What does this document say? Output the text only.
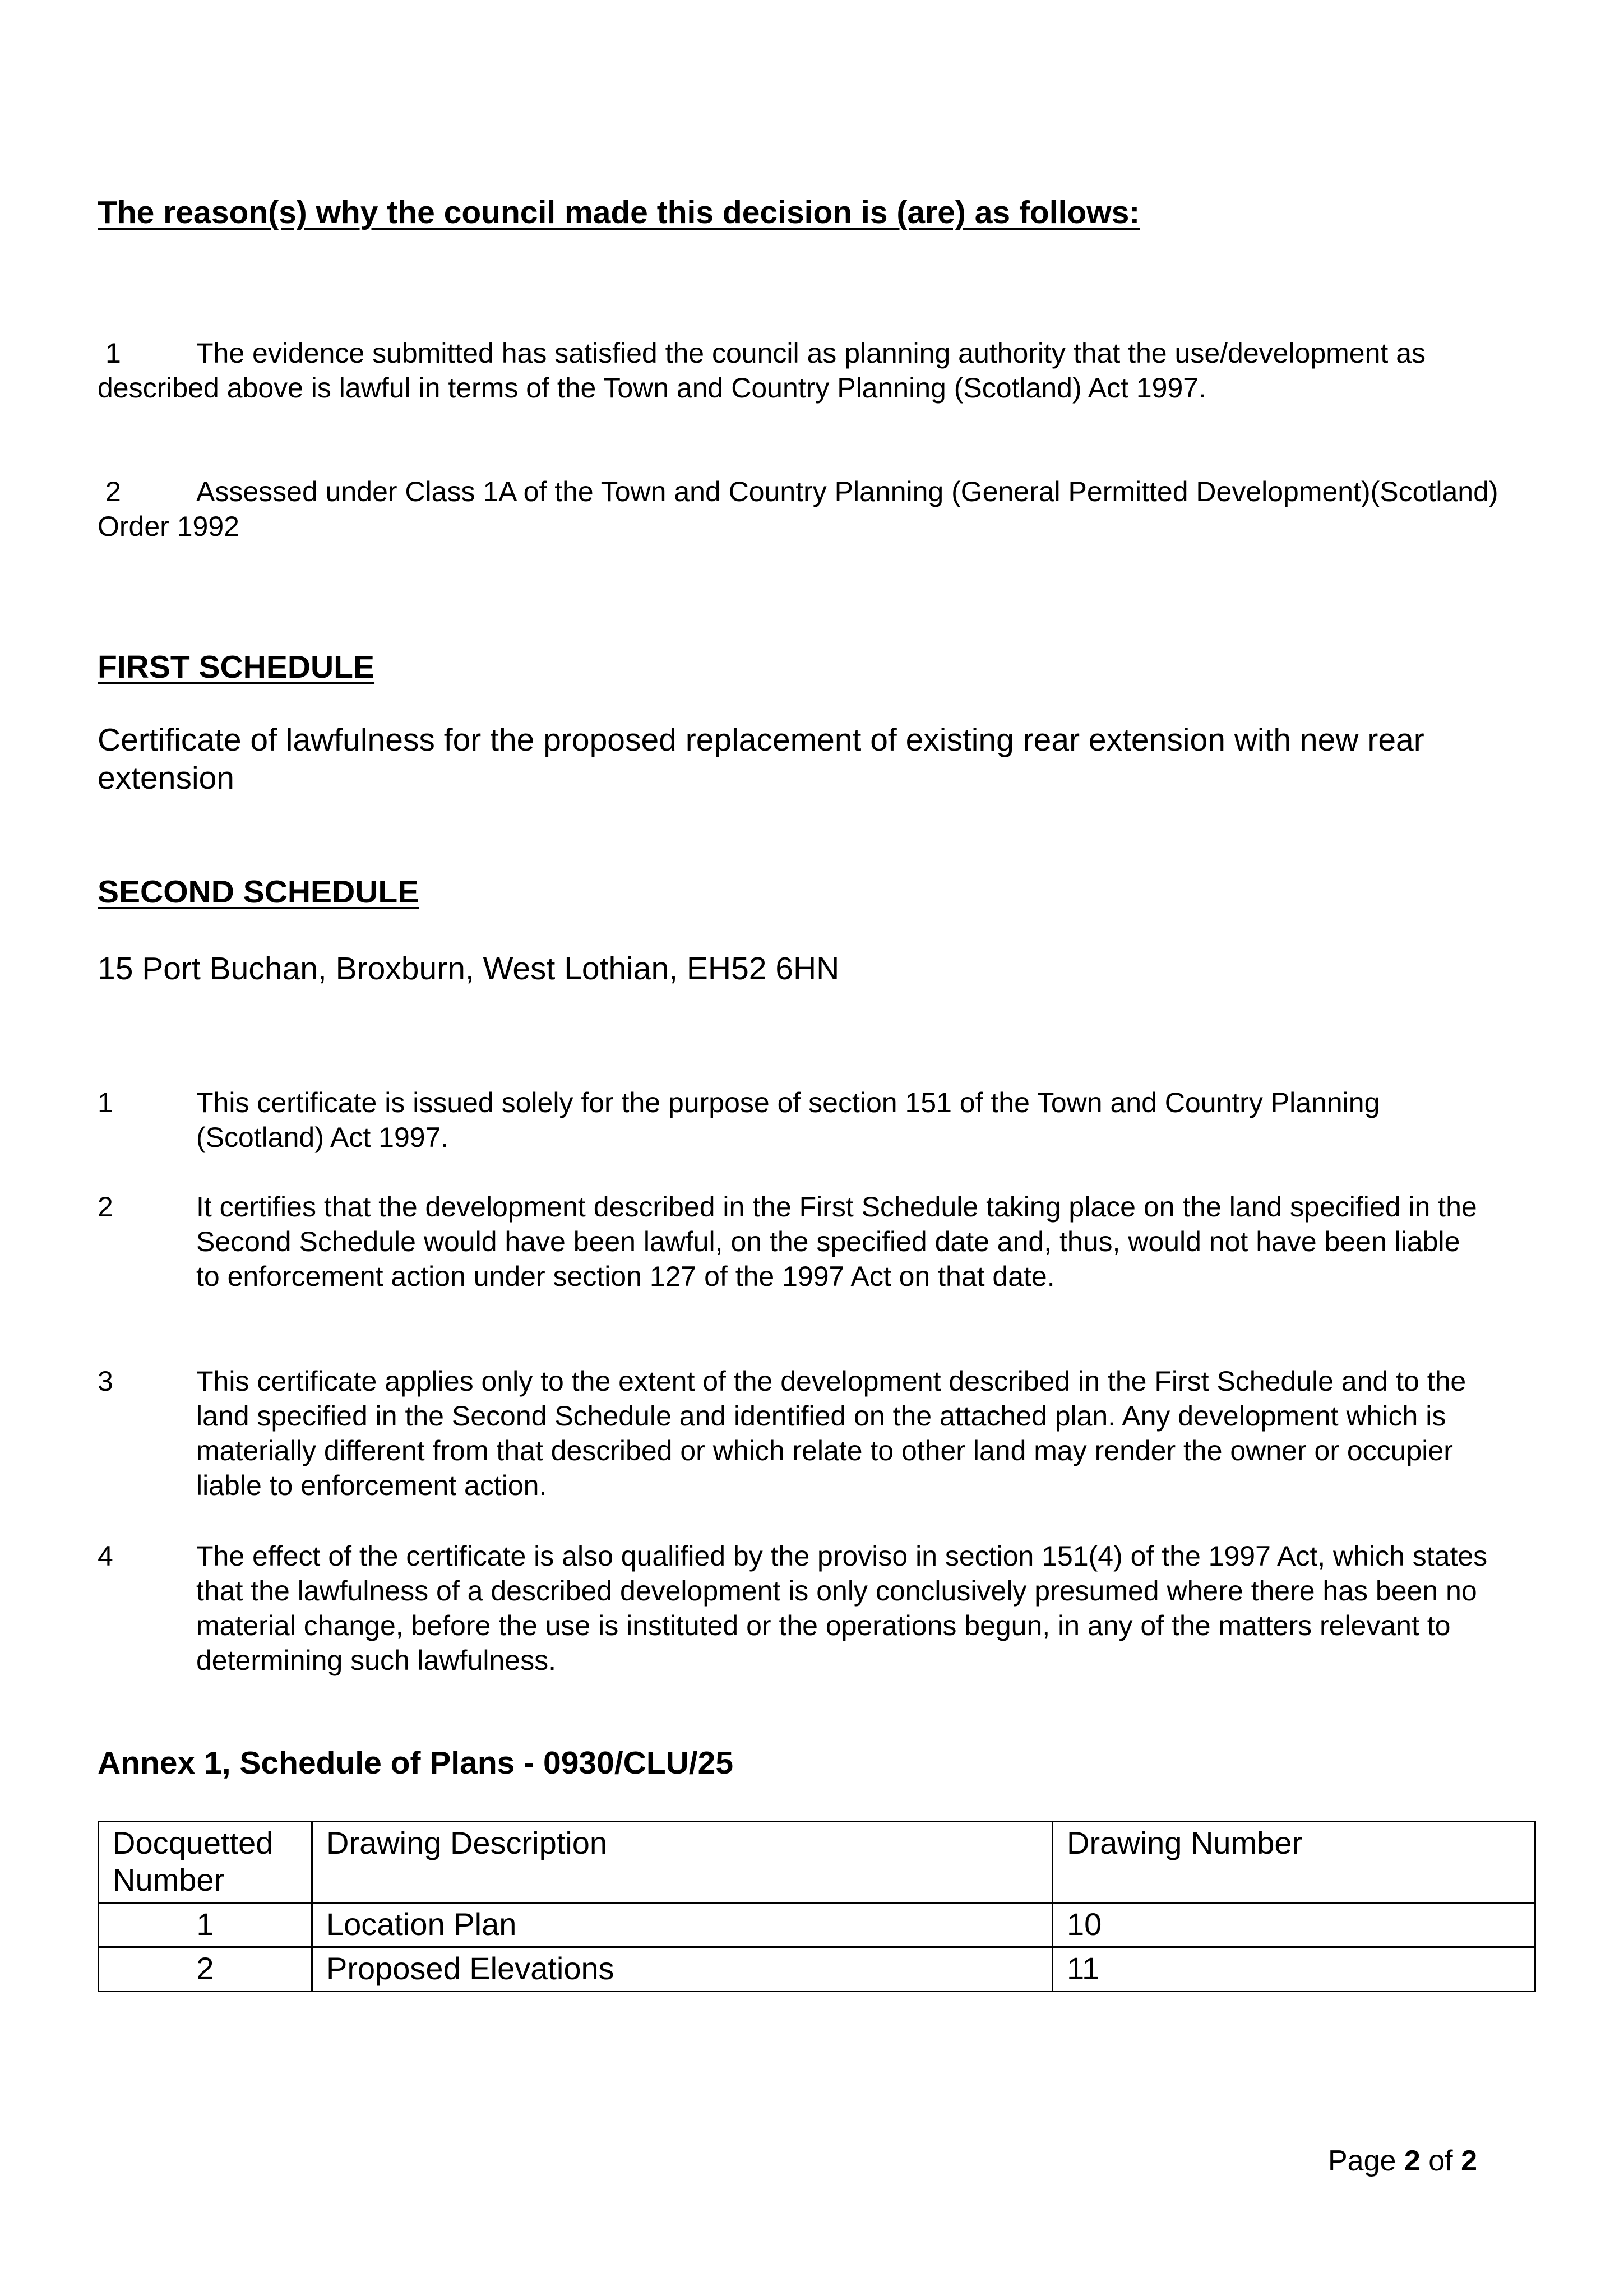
The reason(s) why the council made this decision is (are) as follows:
1	The evidence submitted has satisfied the council as planning authority that the use/development as described above is lawful in terms of the Town and Country Planning (Scotland) Act 1997.
2	Assessed under Class 1A of the Town and Country Planning (General Permitted Development)(Scotland) Order 1992
FIRST SCHEDULE
Certificate of lawfulness for the proposed replacement of existing rear extension with new rear extension
SECOND SCHEDULE
15 Port Buchan, Broxburn, West Lothian, EH52 6HN
1	This certificate is issued solely for the purpose of section 151 of the Town and Country Planning (Scotland) Act 1997.
2	It certifies that the development described in the First Schedule taking place on the land specified in the Second Schedule would have been lawful, on the specified date and, thus, would not have been liable to enforcement action under section 127 of the 1997 Act on that date.
3	This certificate applies only to the extent of the development described in the First Schedule and to the land specified in the Second Schedule and identified on the attached plan. Any development which is materially different from that described or which relate to other land may render the owner or occupier liable to enforcement action.
4	The effect of the certificate is also qualified by the proviso in section 151(4) of the 1997 Act, which states that the lawfulness of a described development is only conclusively presumed where there has been no material change, before the use is instituted or the operations begun, in any of the matters relevant to determining such lawfulness.
Annex 1, Schedule of Plans - 0930/CLU/25
Docquetted Number	Drawing Description	Drawing Number
1	Location Plan	10
2	Proposed Elevations	11
Page 2 of 2
